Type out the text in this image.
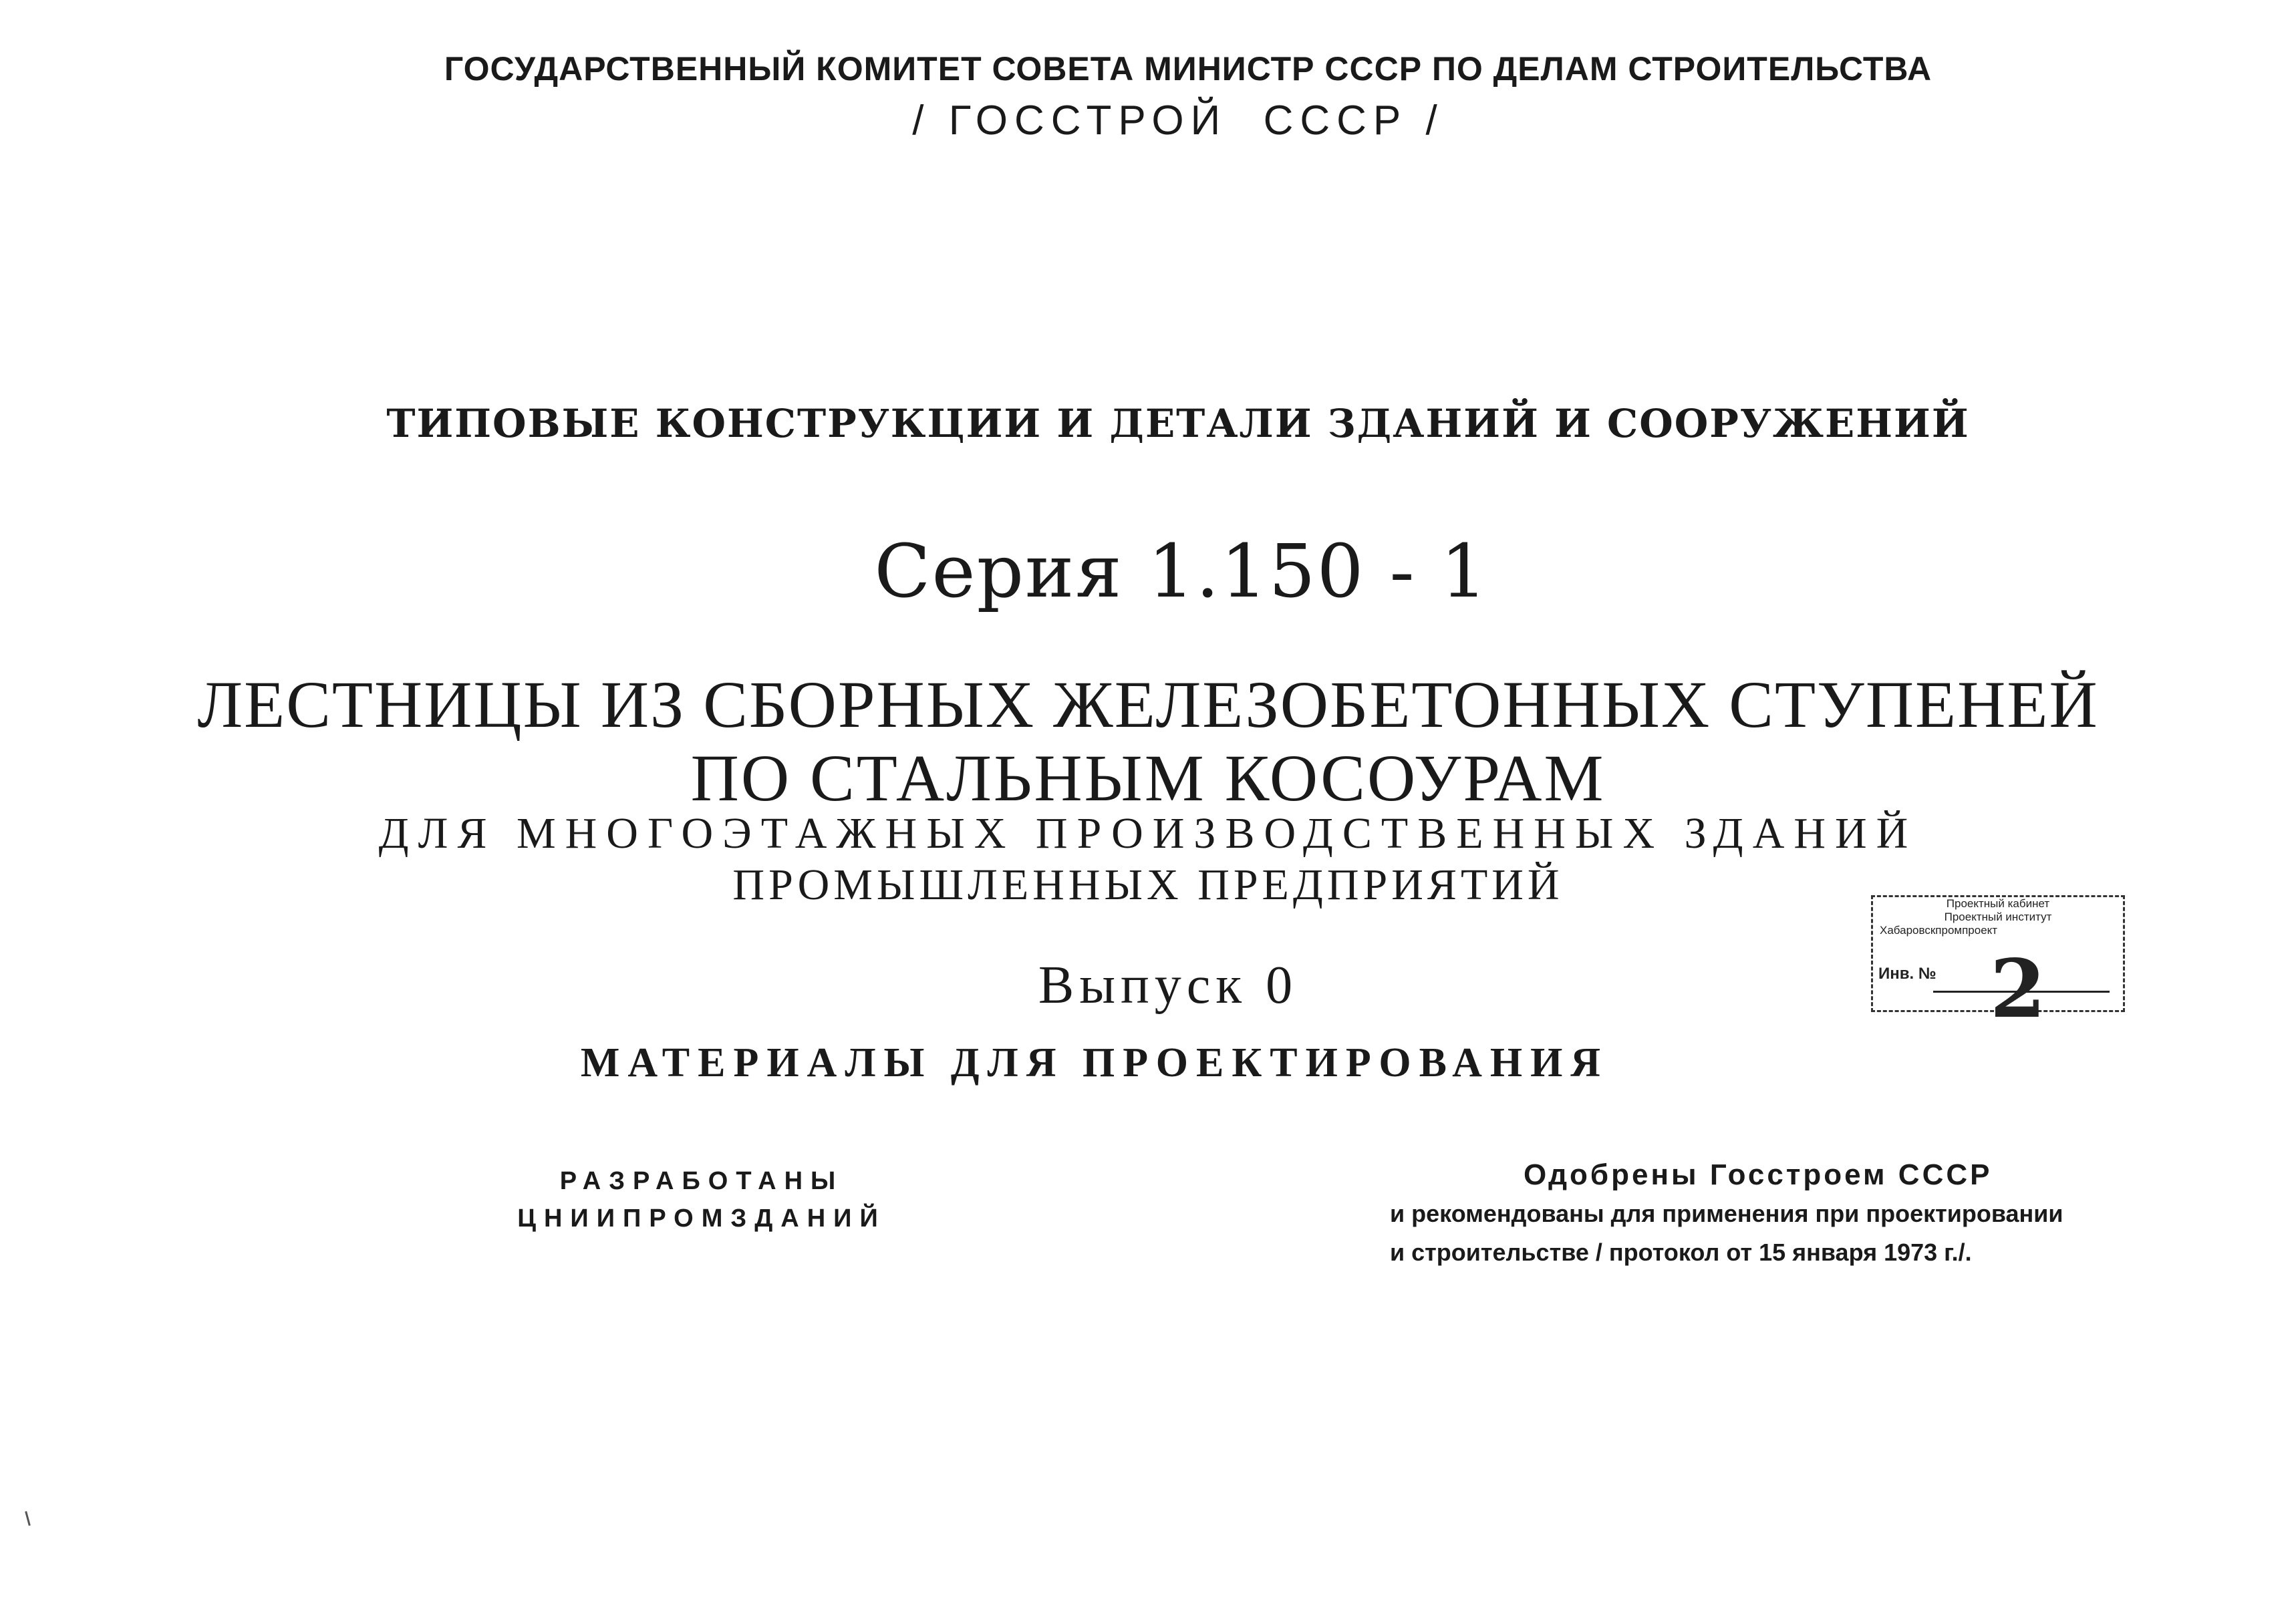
ГОСУДАРСТВЕННЫЙ КОМИТЕТ СОВЕТА МИНИСТР СССР ПО ДЕЛАМ СТРОИТЕЛЬСТВА
/ ГОССТРОЙ  СССР /
ТИПОВЫЕ КОНСТРУКЦИИ И ДЕТАЛИ ЗДАНИЙ И СООРУЖЕНИЙ
Серия 1.150 - 1
ЛЕСТНИЦЫ ИЗ СБОРНЫХ ЖЕЛЕЗОБЕТОННЫХ СТУПЕНЕЙ
ПО СТАЛЬНЫМ КОСОУРАМ
ДЛЯ МНОГОЭТАЖНЫХ ПРОИЗВОДСТВЕННЫХ ЗДАНИЙ
ПРОМЫШЛЕННЫХ ПРЕДПРИЯТИЙ
Выпуск 0
МАТЕРИАЛЫ ДЛЯ ПРОЕКТИРОВАНИЯ
РАЗРАБОТАНЫ
ЦНИИПРОМЗДАНИЙ
Одобрены Госстроем СССР
и рекомендованы для применения при проектировании
и строительстве / протокол от 15 января 1973 г./.
Проектный кабинет
Проектный институт
Хабаровскпромпроект
Инв. № 2
